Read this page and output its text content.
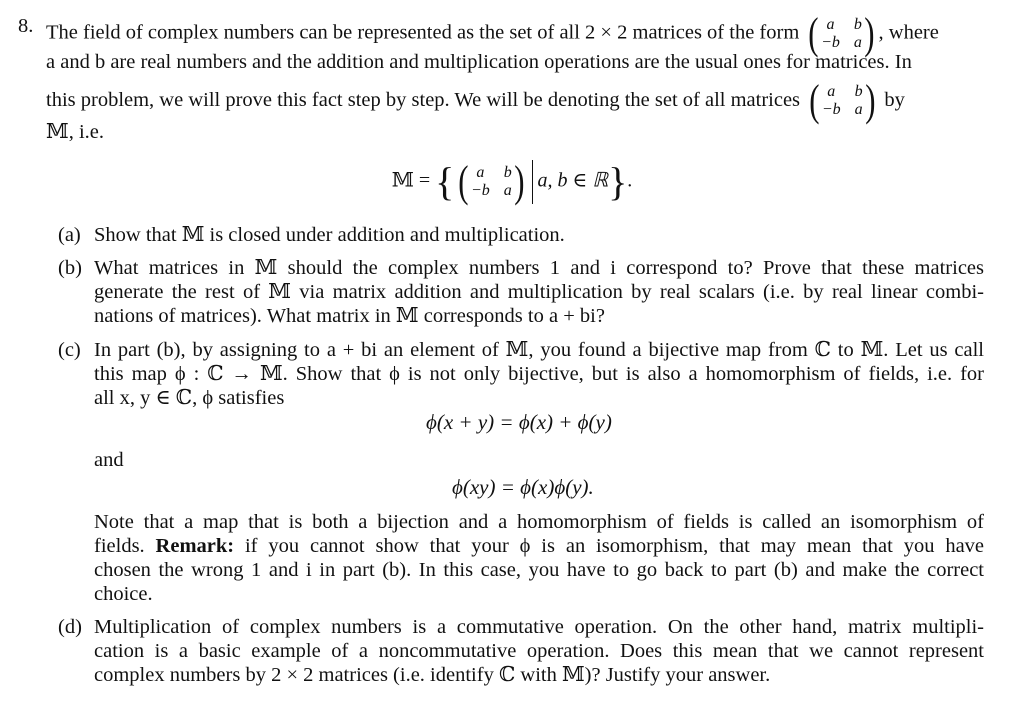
8. The field of complex numbers can be represented as the set of all 2 × 2 matrices of the form ( a	b
−b a ) , where
a and b are real numbers and the addition and multiplication operations are the usual ones for matrices. In
this problem, we will prove this fact step by step. We will be denoting the set of all matrices ( a	b
−b a ) by
𝕄, i.e.
𝕄 = { ( a	b
−b a ) a, b ∈ ℝ}.
(a) Show that 𝕄 is closed under addition and multiplication.
(b) What matrices in 𝕄 should the complex numbers 1 and i correspond to? Prove that these matrices
generate the rest of 𝕄 via matrix addition and multiplication by real scalars (i.e. by real linear combi-
nations of matrices). What matrix in 𝕄 corresponds to a + bi?
(c) In part (b), by assigning to a + bi an element of 𝕄, you found a bijective map from ℂ to 𝕄. Let us call
this map ϕ : ℂ → 𝕄. Show that ϕ is not only bijective, but is also a homomorphism of fields, i.e. for
all x, y ∈ ℂ, ϕ satisfies
ϕ(x + y) = ϕ(x) + ϕ(y)
and
ϕ(xy) = ϕ(x)ϕ(y).
Note that a map that is both a bijection and a homomorphism of fields is called an isomorphism of
fields. Remark: if you cannot show that your ϕ is an isomorphism, that may mean that you have
chosen the wrong 1 and i in part (b). In this case, you have to go back to part (b) and make the correct
choice.
(d) Multiplication of complex numbers is a commutative operation. On the other hand, matrix multipli-
cation is a basic example of a noncommutative operation. Does this mean that we cannot represent
complex numbers by 2 × 2 matrices (i.e. identify ℂ with 𝕄)? Justify your answer.
